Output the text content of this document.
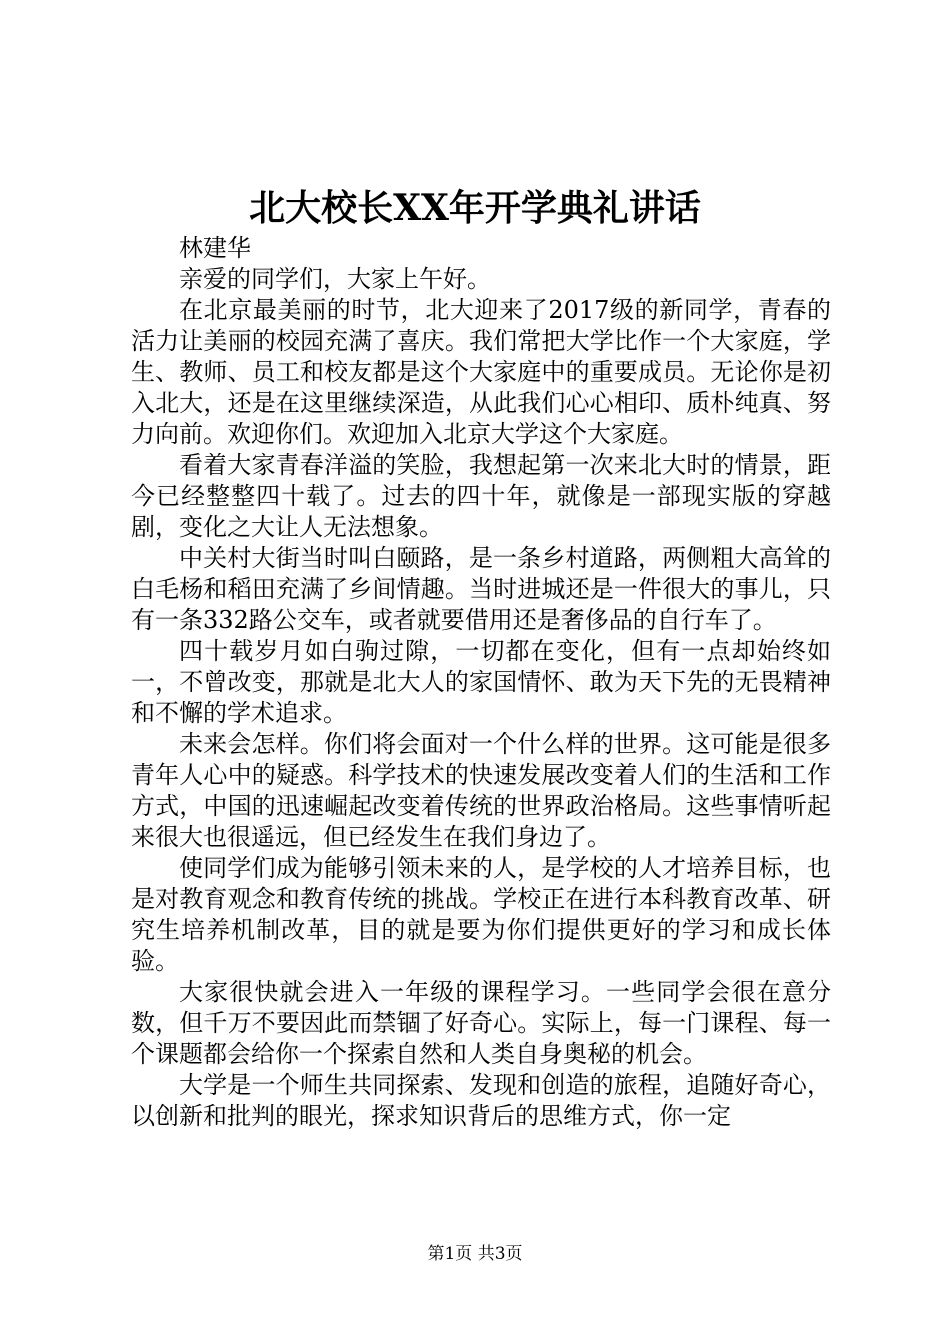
北大校长XX年开学典礼讲话

林建华

亲爱的同学们，大家上午好。

在北京最美丽的时节，北大迎来了2017级的新同学，青春的活力让美丽的校园充满了喜庆。我们常把大学比作一个大家庭，学生、教师、员工和校友都是这个大家庭中的重要成员。无论你是初入北大，还是在这里继续深造，从此我们心心相印、质朴纯真、努力向前。欢迎你们。欢迎加入北京大学这个大家庭。

看着大家青春洋溢的笑脸，我想起第一次来北大时的情景，距今已经整整四十载了。过去的四十年，就像是一部现实版的穿越剧，变化之大让人无法想象。

中关村大街当时叫白颐路，是一条乡村道路，两侧粗大高耸的白毛杨和稻田充满了乡间情趣。当时进城还是一件很大的事儿，只有一条332路公交车，或者就要借用还是奢侈品的自行车了。

四十载岁月如白驹过隙，一切都在变化，但有一点却始终如一，不曾改变，那就是北大人的家国情怀、敢为天下先的无畏精神和不懈的学术追求。

未来会怎样。你们将会面对一个什么样的世界。这可能是很多青年人心中的疑惑。科学技术的快速发展改变着人们的生活和工作方式，中国的迅速崛起改变着传统的世界政治格局。这些事情听起来很大也很遥远，但已经发生在我们身边了。

使同学们成为能够引领未来的人，是学校的人才培养目标，也是对教育观念和教育传统的挑战。学校正在进行本科教育改革、研究生培养机制改革，目的就是要为你们提供更好的学习和成长体验。

大家很快就会进入一年级的课程学习。一些同学会很在意分数，但千万不要因此而禁锢了好奇心。实际上，每一门课程、每一个课题都会给你一个探索自然和人类自身奥秘的机会。

大学是一个师生共同探索、发现和创造的旅程，追随好奇心，以创新和批判的眼光，探求知识背后的思维方式，你一定

第1页 共3页
